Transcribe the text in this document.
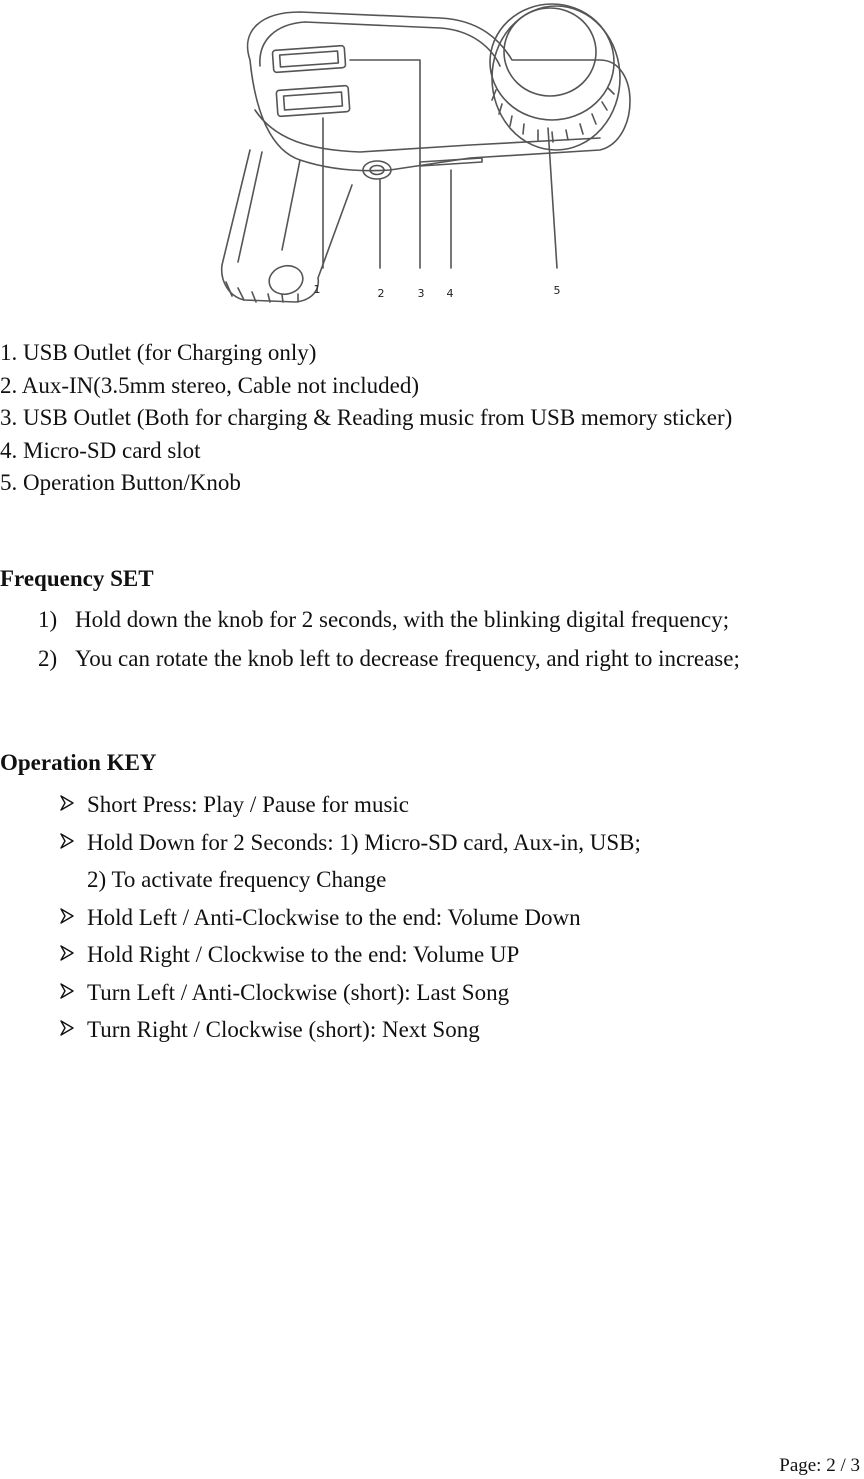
1	2	3 4	5
1. USB Outlet (for Charging only)
2. Aux-IN(3.5mm stereo, Cable not included)
3. USB Outlet (Both for charging & Reading music from USB memory sticker)
4. Micro-SD card slot
5. Operation Button/Knob
Frequency SET
1) Hold down the knob for 2 seconds, with the blinking digital frequency;
2) You can rotate the knob left to decrease frequency, and right to increase;
Operation KEY
Short Press: Play / Pause for music
Hold Down for 2 Seconds: 1) Micro-SD card, Aux-in, USB;
2) To activate frequency Change
Hold Left / Anti-Clockwise to the end: Volume Down
Hold Right / Clockwise to the end: Volume UP
Turn Left / Anti-Clockwise (short): Last Song
Turn Right / Clockwise (short): Next Song
Page: 2 / 3
